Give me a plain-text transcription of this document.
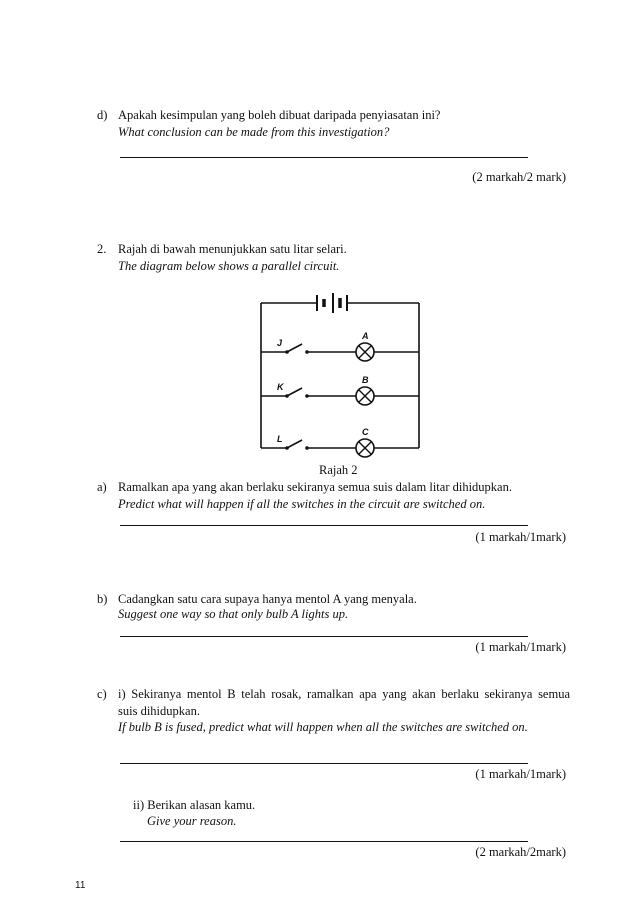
d) Apakah kesimpulan yang boleh dibuat daripada penyiasatan ini?
What conclusion can be made from this investigation?
(2 markah/2 mark)
2. Rajah di bawah menunjukkan satu litar selari.
The diagram below shows a parallel circuit.
J
K
L
A
B
C
Rajah 2
a) Ramalkan apa yang akan berlaku sekiranya semua suis dalam litar dihidupkan.
Predict what will happen if all the switches in the circuit are switched on.
(1 markah/1mark)
b) Cadangkan satu cara supaya hanya mentol A yang menyala.
Suggest one way so that only bulb A lights up.
(1 markah/1mark)
c) i) Sekiranya mentol B telah rosak, ramalkan apa yang akan berlaku sekiranya semua
suis dihidupkan.
If bulb B is fused, predict what will happen when all the switches are switched on.
(1 markah/1mark)
ii) Berikan alasan kamu.
Give your reason.
(2 markah/2mark)
11
